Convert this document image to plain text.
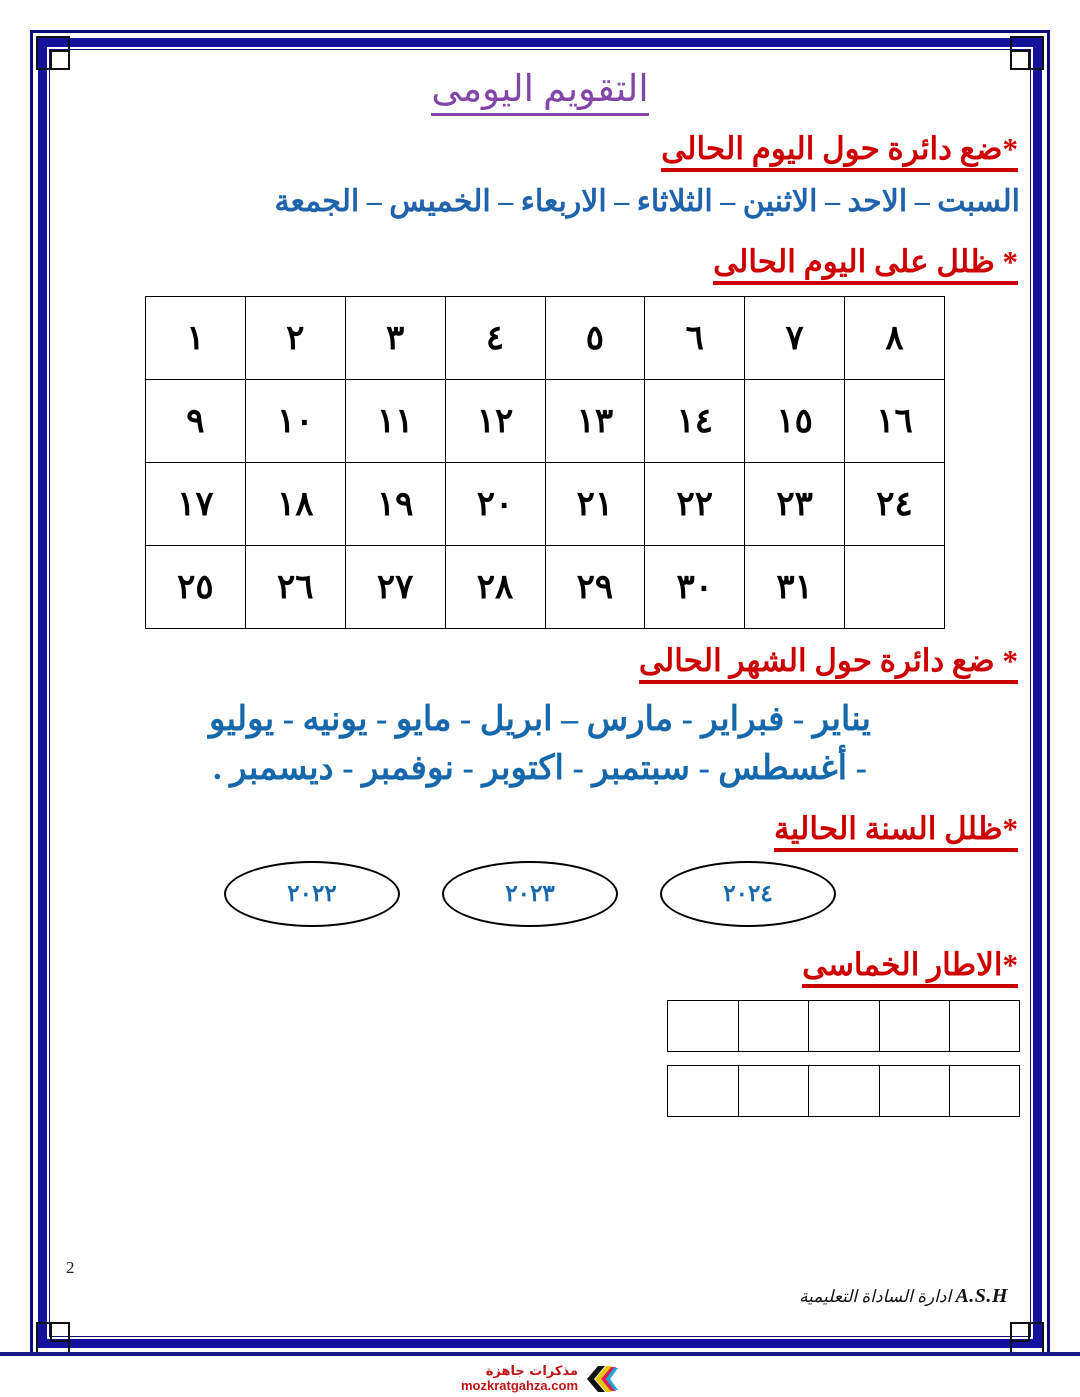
التقويم اليومى
*ضع دائرة حول اليوم الحالى
السبت – الاحد – الاثنين – الثلاثاء – الاربعاء – الخميس – الجمعة
* ظلل على اليوم الحالى
٨	٧	٦	٥	٤	٣	٢	١
١٦	١٥	١٤	١٣	١٢	١١	١٠	٩
٢٤	٢٣	٢٢	٢١	٢٠	١٩	١٨	١٧
	٣١	٣٠	٢٩	٢٨	٢٧	٢٦	٢٥
* ضع دائرة حول الشهر الحالى
يناير - فبراير - مارس – ابريل - مايو - يونيه - يوليو
- أغسطس - سبتمبر - اكتوبر - نوفمبر - ديسمبر .
*ظلل السنة الحالية
٢٠٢٤
٢٠٢٣
٢٠٢٢
*الاطار الخماسى
2
A.S.H ادارة الساداة التعليمية
مذكرات جاهزة
mozkratgahza.com
